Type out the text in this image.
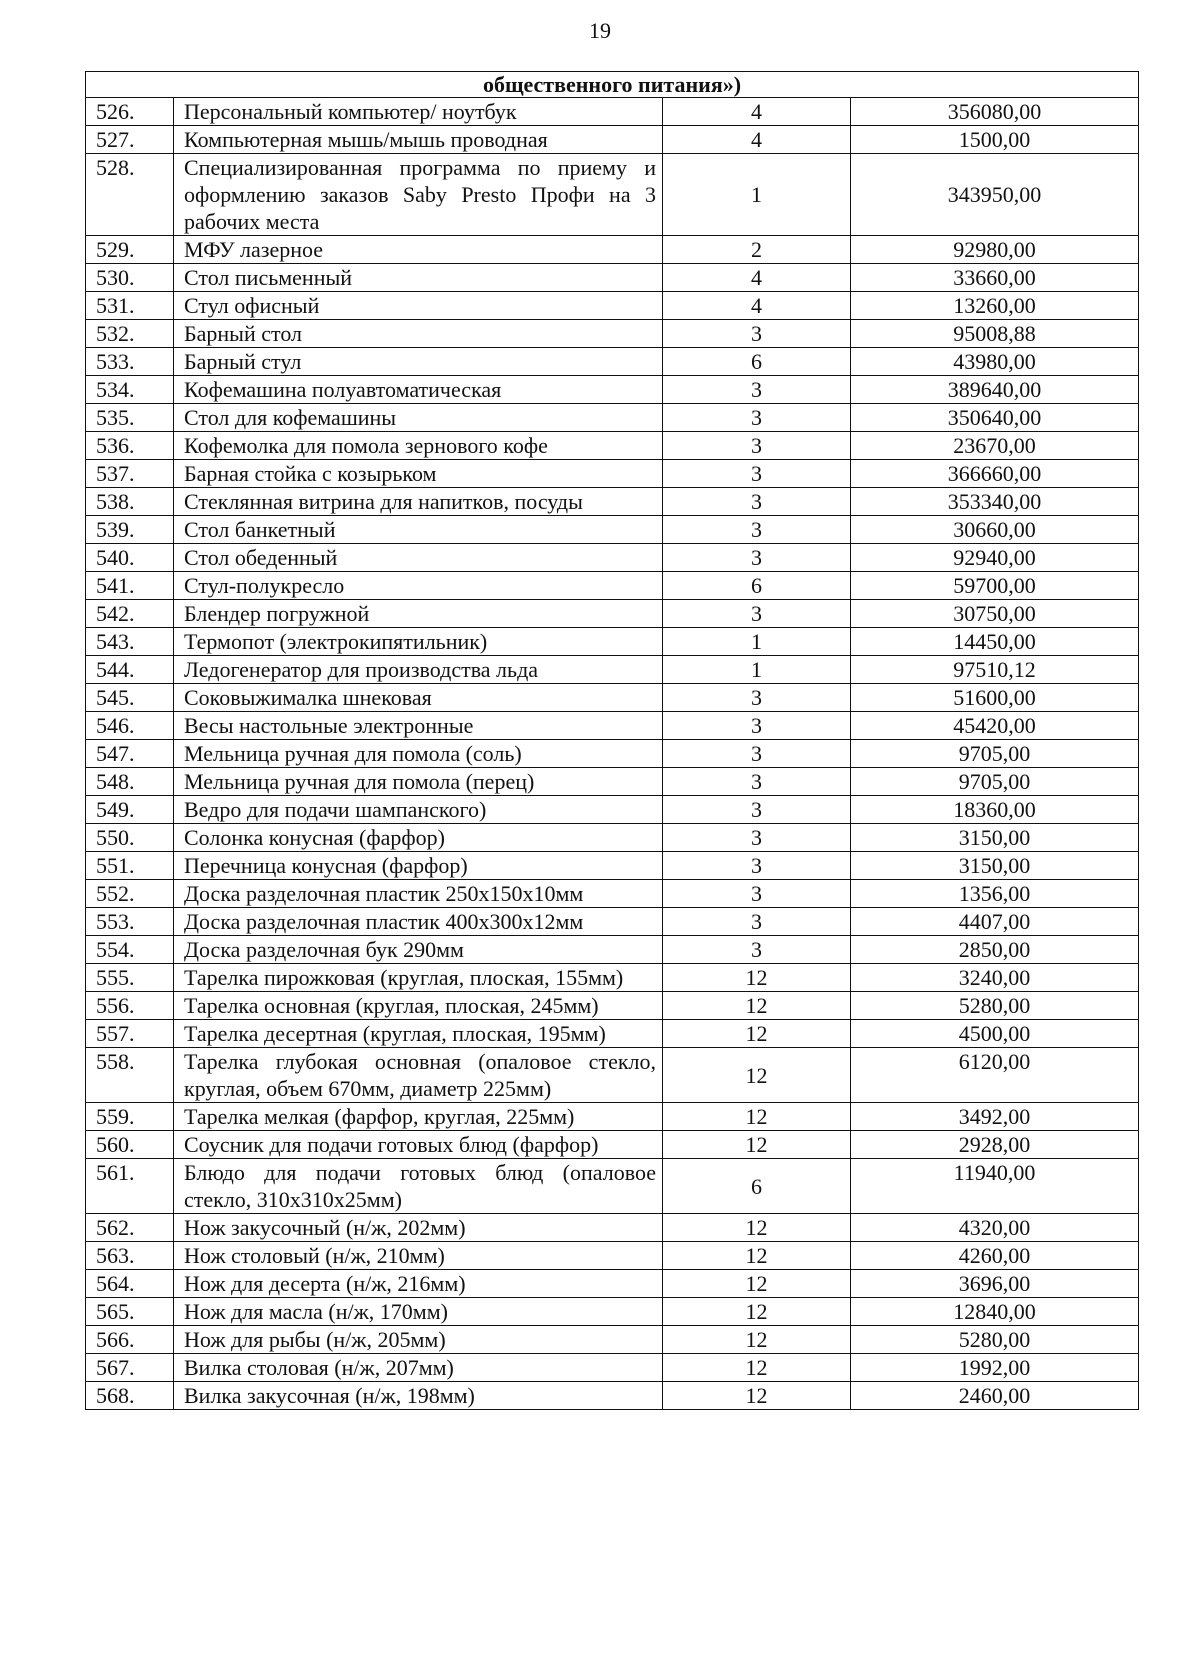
19
общественного питания»)			
526.	Персональный компьютер/ ноутбук	4	356080,00
527.	Компьютерная мышь/мышь проводная	4	1500,00
528.	Специализированная программа по приему и оформлению заказов Saby Presto Профи на 3 рабочих места	1	343950,00
529.	МФУ лазерное	2	92980,00
530.	Стол письменный	4	33660,00
531.	Стул офисный	4	13260,00
532.	Барный стол	3	95008,88
533.	Барный стул	6	43980,00
534.	Кофемашина полуавтоматическая	3	389640,00
535.	Стол для кофемашины	3	350640,00
536.	Кофемолка для помола зернового кофе	3	23670,00
537.	Барная стойка с козырьком	3	366660,00
538.	Стеклянная витрина для напитков, посуды	3	353340,00
539.	Стол банкетный	3	30660,00
540.	Стол обеденный	3	92940,00
541.	Стул-полукресло	6	59700,00
542.	Блендер погружной	3	30750,00
543.	Термопот (электрокипятильник)	1	14450,00
544.	Ледогенератор для производства льда	1	97510,12
545.	Соковыжималка шнековая	3	51600,00
546.	Весы настольные электронные	3	45420,00
547.	Мельница ручная для помола (соль)	3	9705,00
548.	Мельница ручная для помола (перец)	3	9705,00
549.	Ведро для подачи шампанского)	3	18360,00
550.	Солонка конусная (фарфор)	3	3150,00
551.	Перечница конусная (фарфор)	3	3150,00
552.	Доска разделочная пластик 250x150x10мм	3	1356,00
553.	Доска разделочная пластик 400x300x12мм	3	4407,00
554.	Доска разделочная бук 290мм	3	2850,00
555.	Тарелка пирожковая (круглая, плоская, 155мм)	12	3240,00
556.	Тарелка основная (круглая, плоская, 245мм)	12	5280,00
557.	Тарелка десертная (круглая, плоская, 195мм)	12	4500,00
558.	Тарелка глубокая основная (опаловое стекло, круглая, объем 670мм, диаметр 225мм)	12	6120,00
559.	Тарелка мелкая (фарфор, круглая, 225мм)	12	3492,00
560.	Соусник для подачи готовых блюд (фарфор)	12	2928,00
561.	Блюдо для подачи готовых блюд (опаловое стекло, 310x310x25мм)	6	11940,00
562.	Нож закусочный (н/ж, 202мм)	12	4320,00
563.	Нож столовый (н/ж, 210мм)	12	4260,00
564.	Нож для десерта (н/ж, 216мм)	12	3696,00
565.	Нож для масла (н/ж, 170мм)	12	12840,00
566.	Нож для рыбы (н/ж, 205мм)	12	5280,00
567.	Вилка столовая (н/ж, 207мм)	12	1992,00
568.	Вилка закусочная (н/ж, 198мм)	12	2460,00
